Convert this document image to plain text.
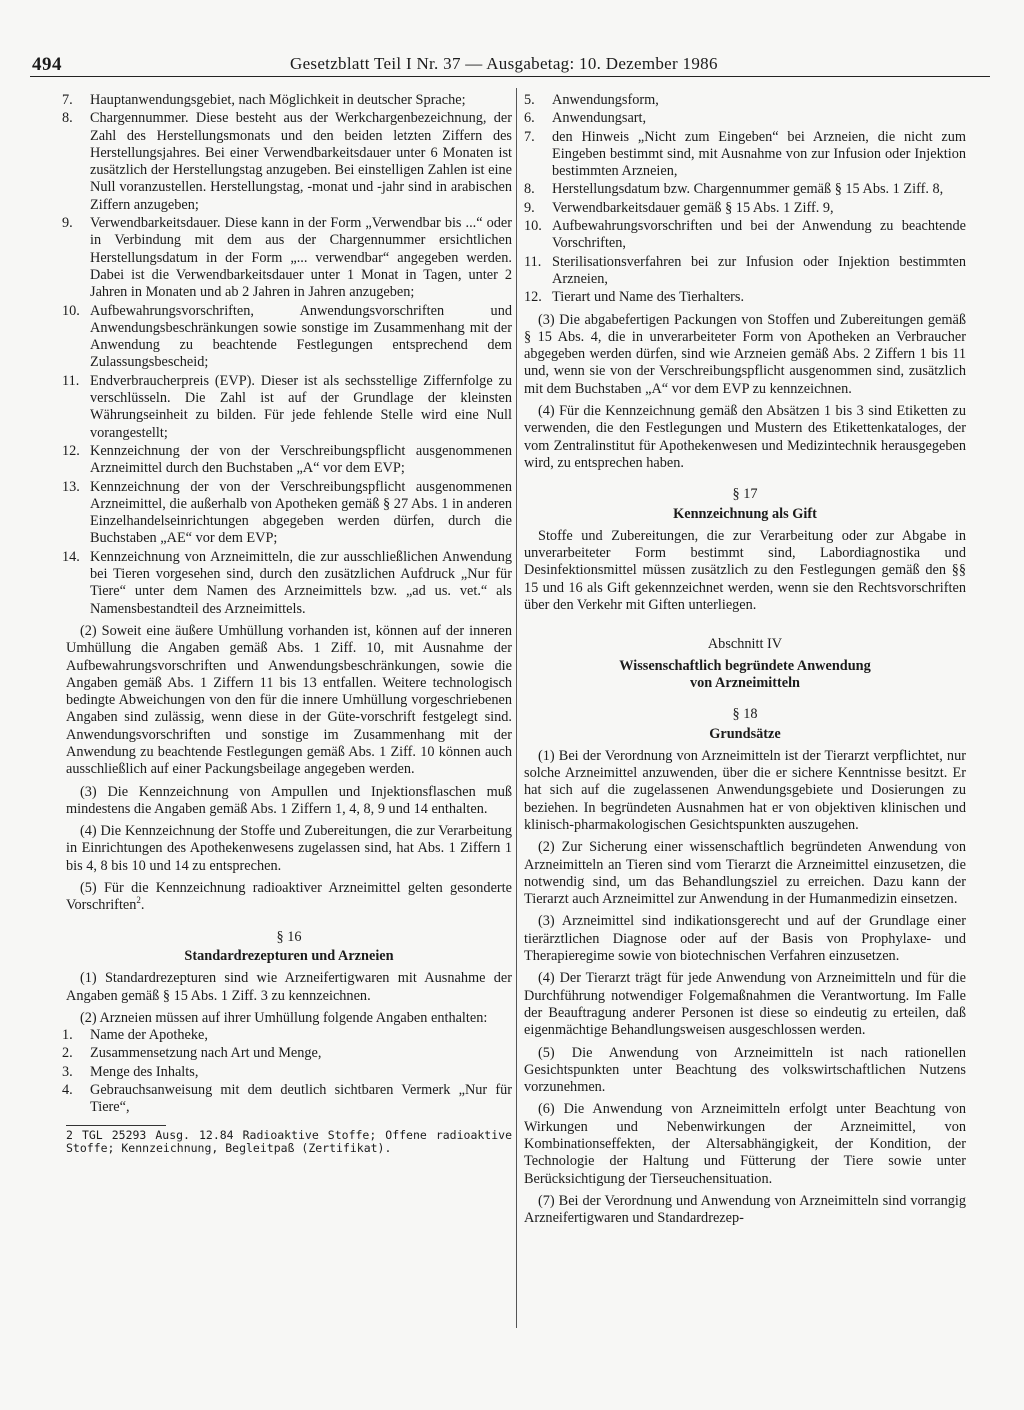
494	Gesetzblatt Teil I Nr. 37 — Ausgabetag: 10. Dezember 1986
7.	Hauptanwendungsgebiet, nach Möglichkeit in deutscher Sprache;
8.	Chargennummer. Diese besteht aus der Werkchargenbezeichnung, der Zahl des Herstellungsmonats und den beiden letzten Ziffern des Herstellungsjahres. Bei einer Verwendbarkeitsdauer unter 6 Monaten ist zusätzlich der Herstellungstag anzugeben. Bei einstelligen Zahlen ist eine Null voranzustellen. Herstellungstag, -monat und -jahr sind in arabischen Ziffern anzugeben;
9.	Verwendbarkeitsdauer. Diese kann in der Form „Verwendbar bis ...“ oder in Verbindung mit dem aus der Chargennummer ersichtlichen Herstellungsdatum in der Form „... verwendbar“ angegeben werden. Dabei ist die Verwendbarkeitsdauer unter 1 Monat in Tagen, unter 2 Jahren in Monaten und ab 2 Jahren in Jahren anzugeben;
10. Aufbewahrungsvorschriften, Anwendungsvorschriften und Anwendungsbeschränkungen sowie sonstige im Zusammenhang mit der Anwendung zu beachtende Festlegungen entsprechend dem Zulassungsbescheid;
11. Endverbraucherpreis (EVP). Dieser ist als sechsstellige Ziffernfolge zu verschlüsseln. Die Zahl ist auf der Grundlage der kleinsten Währungseinheit zu bilden. Für jede fehlende Stelle wird eine Null vorangestellt;
12. Kennzeichnung der von der Verschreibungspflicht ausgenommenen Arzneimittel durch den Buchstaben „A“ vor dem EVP;
13. Kennzeichnung der von der Verschreibungspflicht ausgenommenen Arzneimittel, die außerhalb von Apotheken gemäß § 27 Abs. 1 in anderen Einzelhandelseinrichtungen abgegeben werden dürfen, durch die Buchstaben „AE“ vor dem EVP;
14. Kennzeichnung von Arzneimitteln, die zur ausschließlichen Anwendung bei Tieren vorgesehen sind, durch den zusätzlichen Aufdruck „Nur für Tiere“ unter dem Namen des Arzneimittels bzw. „ad us. vet.“ als Namensbestandteil des Arzneimittels.

(2) Soweit eine äußere Umhüllung vorhanden ist, können auf der inneren Umhüllung die Angaben gemäß Abs. 1 Ziff. 10, mit Ausnahme der Aufbewahrungsvorschriften und Anwendungsbeschränkungen, sowie die Angaben gemäß Abs. 1 Ziffern 11 bis 13 entfallen. Weitere technologisch bedingte Abweichungen von den für die innere Umhüllung vorgeschriebenen Angaben sind zulässig, wenn diese in der Güte-vorschrift festgelegt sind. Anwendungsvorschriften und sonstige im Zusammenhang mit der Anwendung zu beachtende Festlegungen gemäß Abs. 1 Ziff. 10 können auch ausschließlich auf einer Packungsbeilage angegeben werden.

(3) Die Kennzeichnung von Ampullen und Injektionsflaschen muß mindestens die Angaben gemäß Abs. 1 Ziffern 1, 4, 8, 9 und 14 enthalten.

(4) Die Kennzeichnung der Stoffe und Zubereitungen, die zur Verarbeitung in Einrichtungen des Apothekenwesens zugelassen sind, hat Abs. 1 Ziffern 1 bis 4, 8 bis 10 und 14 zu entsprechen.

(5) Für die Kennzeichnung radioaktiver Arzneimittel gelten gesonderte Vorschriften$^2$.

§ 16
Standardrezepturen und Arzneien

(1) Standardrezepturen sind wie Arzneifertigwaren mit Ausnahme der Angaben gemäß § 15 Abs. 1 Ziff. 3 zu kennzeichnen.

(2) Arzneien müssen auf ihrer Umhüllung folgende Angaben enthalten:

1.	Name der Apotheke,
2.	Zusammensetzung nach Art und Menge,
3.	Menge des Inhalts,
4.	Gebrauchsanweisung mit dem deutlich sichtbaren Vermerk „Nur für Tiere“,
2 TGL 25293 Ausg. 12.84 Radioaktive Stoffe; Offene radioaktive Stoffe; Kennzeichnung, Begleitpaß (Zertifikat).
5.	Anwendungsform,
6.	Anwendungsart,
7.	den Hinweis „Nicht zum Eingeben“ bei Arzneien, die nicht zum Eingeben bestimmt sind, mit Ausnahme von zur Infusion oder Injektion bestimmten Arzneien,
8.	Herstellungsdatum bzw. Chargennummer gemäß § 15 Abs. 1 Ziff. 8,
9.	Verwendbarkeitsdauer gemäß § 15 Abs. 1 Ziff. 9,
10. Aufbewahrungsvorschriften und bei der Anwendung zu beachtende Vorschriften,
11. Sterilisationsverfahren bei zur Infusion oder Injektion bestimmten Arzneien,
12. Tierart und Name des Tierhalters.

(3) Die abgabefertigen Packungen von Stoffen und Zubereitungen gemäß § 15 Abs. 4, die in unverarbeiteter Form von Apotheken an Verbraucher abgegeben werden dürfen, sind wie Arzneien gemäß Abs. 2 Ziffern 1 bis 11 und, wenn sie von der Verschreibungspflicht ausgenommen sind, zusätzlich mit dem Buchstaben „A“ vor dem EVP zu kennzeichnen.

(4) Für die Kennzeichnung gemäß den Absätzen 1 bis 3 sind Etiketten zu verwenden, die den Festlegungen und Mustern des Etikettenkataloges, der vom Zentralinstitut für Apothekenwesen und Medizintechnik herausgegeben wird, zu entsprechen haben.

§ 17
Kennzeichnung als Gift

Stoffe und Zubereitungen, die zur Verarbeitung oder zur Abgabe in unverarbeiteter Form bestimmt sind, Labordiagnostika und Desinfektionsmittel müssen zusätzlich zu den Festlegungen gemäß den §§ 15 und 16 als Gift gekennzeichnet werden, wenn sie den Rechtsvorschriften über den Verkehr mit Giften unterliegen.

Abschnitt IV
Wissenschaftlich begründete Anwendung
von Arzneimitteln
§ 18
Grundsätze

(1) Bei der Verordnung von Arzneimitteln ist der Tierarzt verpflichtet, nur solche Arzneimittel anzuwenden, über die er sichere Kenntnisse besitzt. Er hat sich auf die zugelassenen Anwendungsgebiete und Dosierungen zu beziehen. In begründeten Ausnahmen hat er von objektiven klinischen und klinisch-pharmakologischen Gesichtspunkten auszugehen.

(2) Zur Sicherung einer wissenschaftlich begründeten Anwendung von Arzneimitteln an Tieren sind vom Tierarzt die Arzneimittel einzusetzen, die notwendig sind, um das Behandlungsziel zu erreichen. Dazu kann der Tierarzt auch Arzneimittel zur Anwendung in der Humanmedizin einsetzen.

(3) Arzneimittel sind indikationsgerecht und auf der Grundlage einer tierärztlichen Diagnose oder auf der Basis von Prophylaxe- und Therapieregime sowie von biotechnischen Verfahren einzusetzen.

(4) Der Tierarzt trägt für jede Anwendung von Arzneimitteln und für die Durchführung notwendiger Folgemaßnahmen die Verantwortung. Im Falle der Beauftragung anderer Personen ist diese so eindeutig zu erteilen, daß eigenmächtige Behandlungsweisen ausgeschlossen werden.

(5) Die Anwendung von Arzneimitteln ist nach rationellen Gesichtspunkten unter Beachtung des volkswirtschaftlichen Nutzens vorzunehmen.

(6) Die Anwendung von Arzneimitteln erfolgt unter Beachtung von Wirkungen und Nebenwirkungen der Arzneimittel, von Kombinationseffekten, der Altersabhängigkeit, der Kondition, der Technologie der Haltung und Fütterung der Tiere sowie unter Berücksichtigung der Tierseuchensituation.

(7) Bei der Verordnung und Anwendung von Arzneimitteln sind vorrangig Arzneifertigwaren und Standardrezep-
